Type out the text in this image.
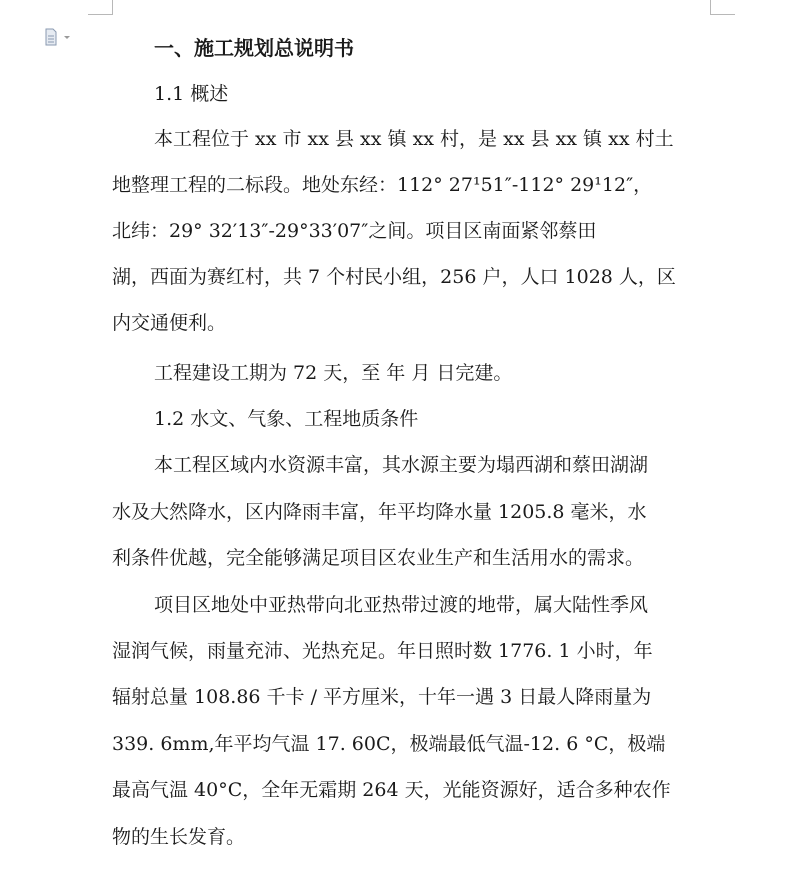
一、施工规划总说明书
1.1 概述
本工程位于 xx 市 xx 县 xx 镇 xx 村，是 xx 县 xx 镇 xx 村土
地整理工程的二标段。地处东经：112° 27¹51″-112° 29¹12″，
北纬：29° 32′13″-29°33′07″之间。项目区南面紧邻蔡田
湖，西面为赛红村，共 7 个村民小组，256 户，人口 1028 人，区
内交通便利。
工程建设工期为 72 天，至 年 月 日完建。
1.2 水文、气象、工程地质条件
本工程区域内水资源丰富，其水源主要为塌西湖和蔡田湖湖
水及大然降水，区内降雨丰富，年平均降水量 1205.8 毫米，水
利条件优越，完全能够满足项目区农业生产和生活用水的需求。
项目区地处中亚热带向北亚热带过渡的地带，属大陆性季风
湿润气候，雨量充沛、光热充足。年日照时数 1776. 1 小时，年
辐射总量 108.86 千卡 / 平方厘米，十年一遇 3 日最人降雨量为
339. 6mm,年平均气温 17. 60C，极端最低气温-12. 6 °C，极端
最高气温 40°C，全年无霜期 264 天，光能资源好，适合多种农作
物的生长发育。
